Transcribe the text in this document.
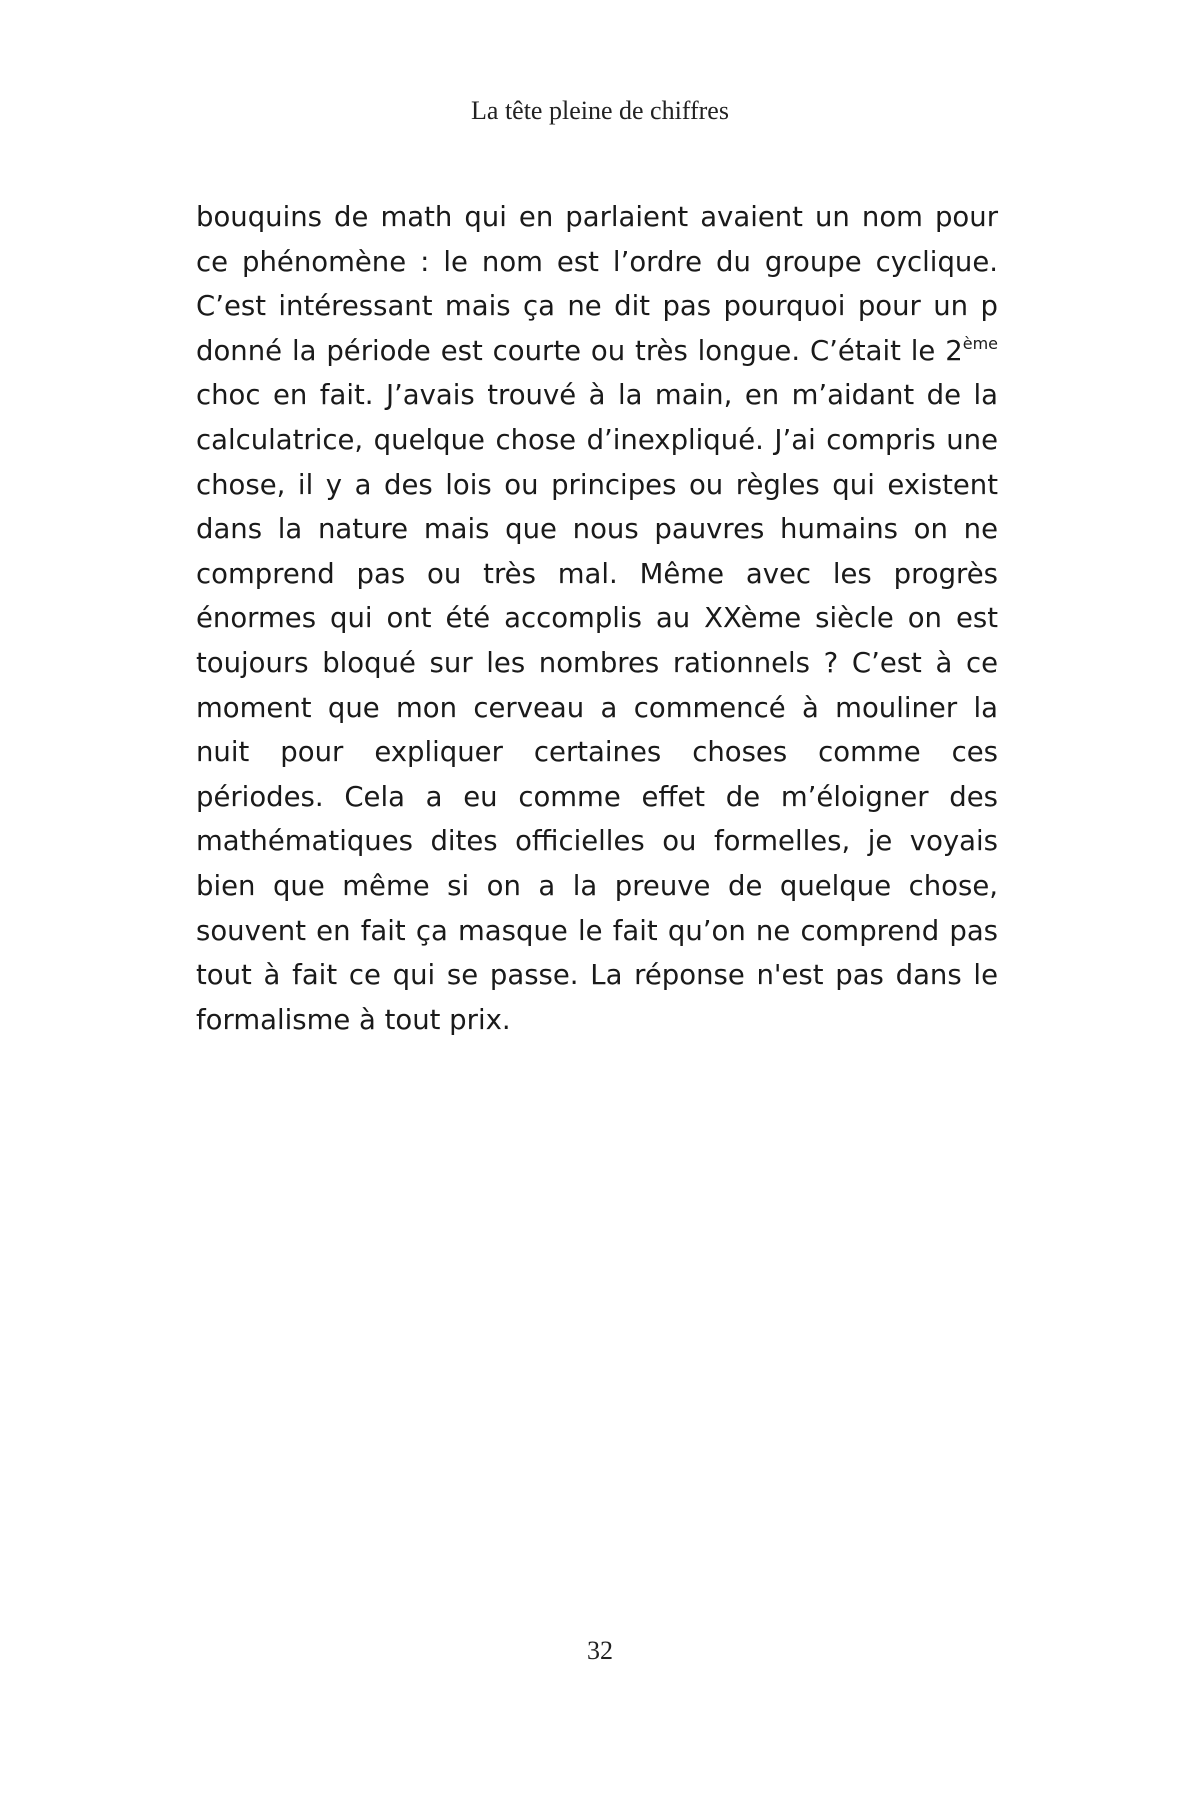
La tête pleine de chiffres
bouquins de math qui en parlaient avaient un nom pour
ce phénomène : le nom est l’ordre du groupe cyclique.
C’est intéressant mais ça ne dit pas pourquoi pour un p
donné la période est courte ou très longue. C’était le 2ème
choc en fait. J’avais trouvé à la main, en m’aidant de la
calculatrice, quelque chose d’inexpliqué. J’ai compris une
chose, il y a des lois ou principes ou règles qui existent
dans la nature mais que nous pauvres humains on ne
comprend pas ou très mal. Même avec les progrès
énormes qui ont été accomplis au XXème siècle on est
toujours bloqué sur les nombres rationnels ? C’est à ce
moment que mon cerveau a commencé à mouliner la
nuit pour expliquer certaines choses comme ces
périodes. Cela a eu comme effet de m’éloigner des
mathématiques dites officielles ou formelles, je voyais
bien que même si on a la preuve de quelque chose,
souvent en fait ça masque le fait qu’on ne comprend pas
tout à fait ce qui se passe. La réponse n'est pas dans le
formalisme à tout prix.
32
